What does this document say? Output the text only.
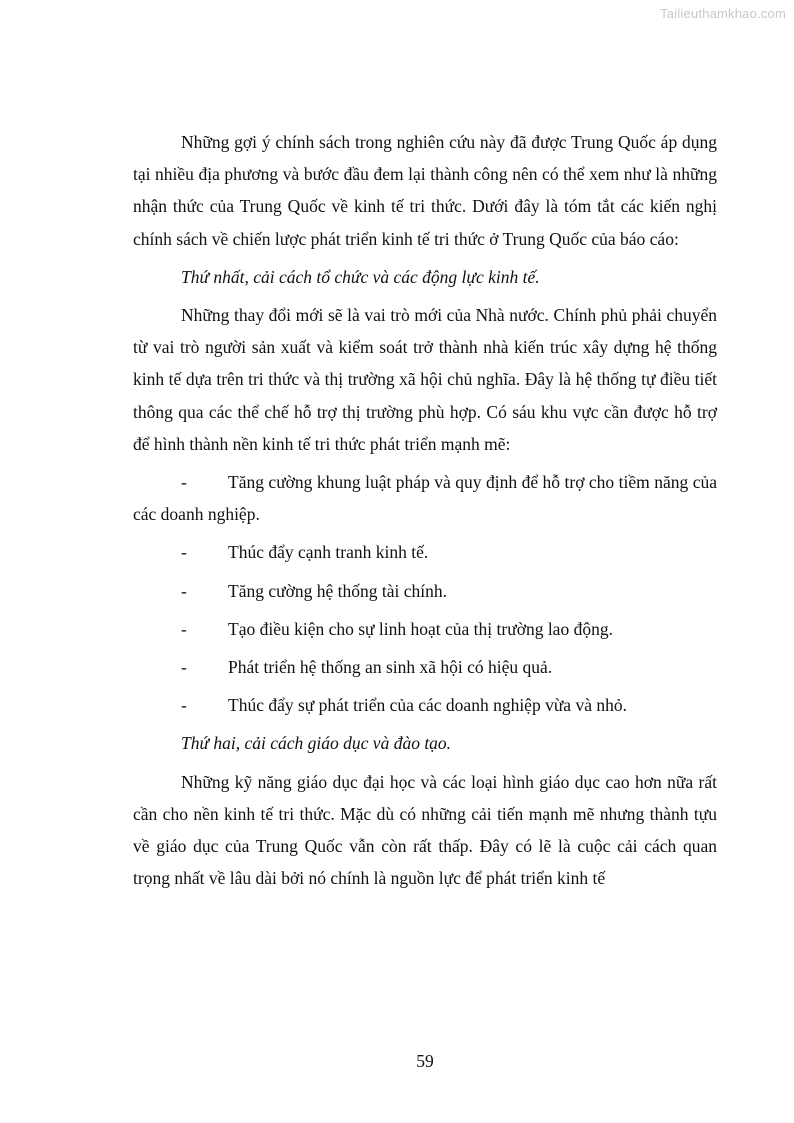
Tailieuthamkhao.com

Những gợi ý chính sách trong nghiên cứu này đã được Trung Quốc áp dụng tại nhiều địa phương và bước đầu đem lại thành công nên có thể xem như là những nhận thức của Trung Quốc về kinh tế tri thức. Dưới đây là tóm tắt các kiến nghị chính sách về chiến lược phát triển kinh tế tri thức ở Trung Quốc của báo cáo:

Thứ nhất, cải cách tổ chức và các động lực kinh tế.

Những thay đổi mới sẽ là vai trò mới của Nhà nước. Chính phủ phải chuyển từ vai trò người sản xuất và kiểm soát trở thành nhà kiến trúc xây dựng hệ thống kinh tế dựa trên tri thức và thị trường xã hội chủ nghĩa. Đây là hệ thống tự điều tiết thông qua các thể chế hỗ trợ thị trường phù hợp. Có sáu khu vực cần được hỗ trợ để hình thành nền kinh tế tri thức phát triển mạnh mẽ:

- Tăng cường khung luật pháp và quy định để hỗ trợ cho tiềm năng của các doanh nghiệp.

- Thúc đẩy cạnh tranh kinh tế.

- Tăng cường hệ thống tài chính.

- Tạo điều kiện cho sự linh hoạt của thị trường lao động.

- Phát triển hệ thống an sinh xã hội có hiệu quả.

- Thúc đẩy sự phát triển của các doanh nghiệp vừa và nhỏ.

Thứ hai, cải cách giáo dục và đào tạo.

Những kỹ năng giáo dục đại học và các loại hình giáo dục cao hơn nữa rất cần cho nền kinh tế tri thức. Mặc dù có những cải tiến mạnh mẽ nhưng thành tựu về giáo dục của Trung Quốc vẫn còn rất thấp. Đây có lẽ là cuộc cải cách quan trọng nhất về lâu dài bởi nó chính là nguồn lực để phát triển kinh tế

59
